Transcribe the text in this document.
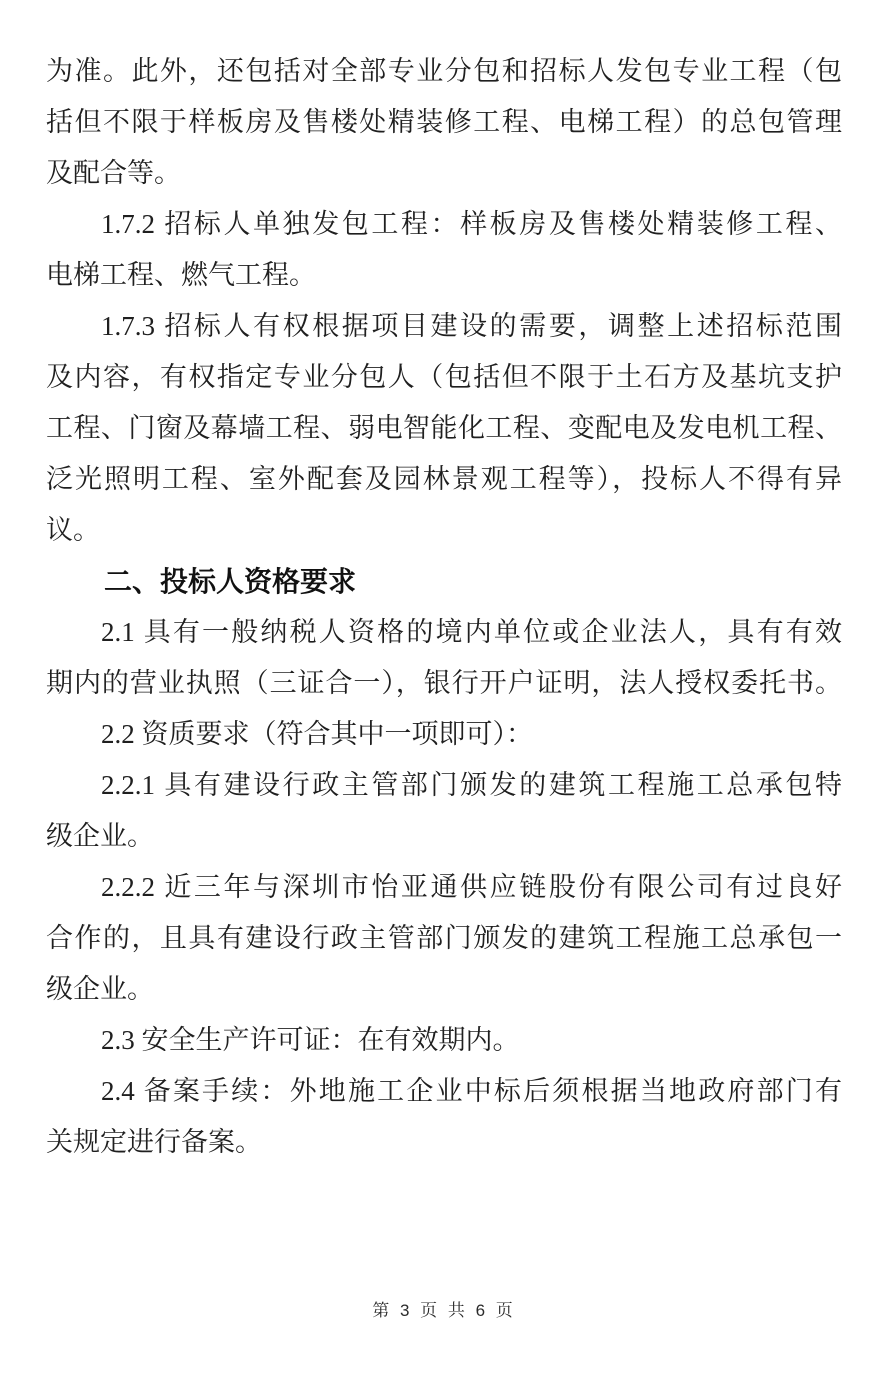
为准。此外，还包括对全部专业分包和招标人发包专业工程（包
括但不限于样板房及售楼处精装修工程、电梯工程）的总包管理
及配合等。
1.7.2 招标人单独发包工程：样板房及售楼处精装修工程、
电梯工程、燃气工程。
1.7.3 招标人有权根据项目建设的需要，调整上述招标范围
及内容，有权指定专业分包人（包括但不限于土石方及基坑支护
工程、门窗及幕墙工程、弱电智能化工程、变配电及发电机工程、
泛光照明工程、室外配套及园林景观工程等），投标人不得有异
议。
二、投标人资格要求
2.1 具有一般纳税人资格的境内单位或企业法人，具有有效
期内的营业执照（三证合一），银行开户证明，法人授权委托书。
2.2 资质要求（符合其中一项即可）：
2.2.1 具有建设行政主管部门颁发的建筑工程施工总承包特
级企业。
2.2.2 近三年与深圳市怡亚通供应链股份有限公司有过良好
合作的，且具有建设行政主管部门颁发的建筑工程施工总承包一
级企业。
2.3 安全生产许可证：在有效期内。
2.4 备案手续：外地施工企业中标后须根据当地政府部门有
关规定进行备案。
第 3 页 共 6 页
